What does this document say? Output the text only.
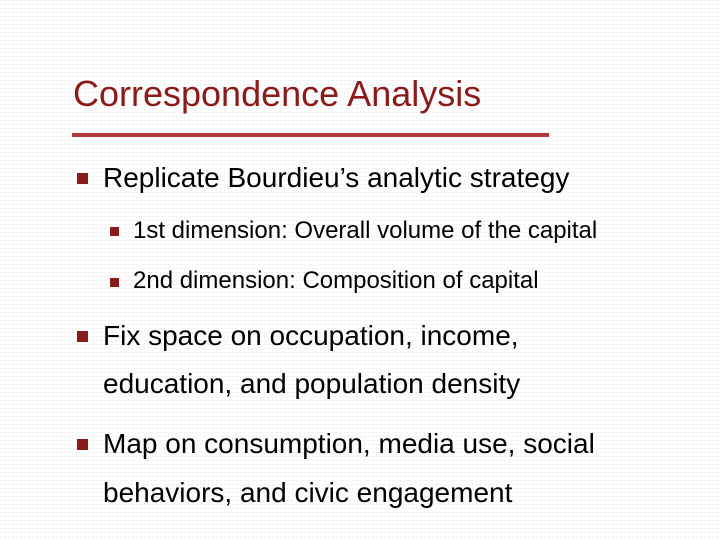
Correspondence Analysis
Replicate Bourdieu’s analytic strategy
1st dimension: Overall volume of the capital
2nd dimension: Composition of capital
Fix space on occupation, income,
education, and population density
Map on consumption, media use, social
behaviors, and civic engagement
